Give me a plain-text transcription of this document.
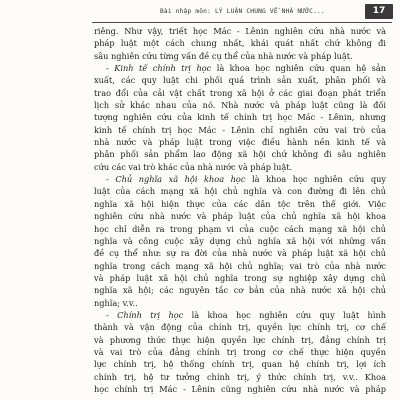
Bài nhập môn: LÝ LUẬN CHUNG VỀ NHÀ NƯỚC...	17
riêng. Như vậy, triết học Mác - Lênin nghiên cứu nhà nước và
pháp luật một cách chung nhất, khái quát nhất chứ không đi
sâu nghiên cứu từng vấn đề cụ thể của nhà nước và pháp luật.
- Kinh tế chính trị học là khoa học nghiên cứu quan hệ sản
xuất, các quy luật chi phối quá trình sản xuất, phân phối và
trao đổi của cải vật chất trong xã hội ở các giai đoạn phát triển
lịch sử khác nhau của nó. Nhà nước và pháp luật cũng là đối
tượng nghiên cứu của kinh tế chính trị học Mác - Lênin, nhưng
kinh tế chính trị học Mác - Lênin chỉ nghiên cứu vai trò của
nhà nước và pháp luật trong việc điều hành nền kinh tế và
phân phối sản phẩm lao động xã hội chứ không đi sâu nghiên
cứu các vai trò khác của nhà nước và pháp luật.
- Chủ nghĩa xã hội khoa học là khoa học nghiên cứu quy
luật của cách mạng xã hội chủ nghĩa và con đường đi lên chủ
nghĩa xã hội hiện thực của các dân tộc trên thế giới. Việc
nghiên cứu nhà nước và pháp luật của chủ nghĩa xã hội khoa
học chỉ diễn ra trong phạm vi của cuộc cách mạng xã hội chủ
nghĩa và công cuộc xây dựng chủ nghĩa xã hội với những vấn
đề cụ thể như: sự ra đời của nhà nước và pháp luật xã hội chủ
nghĩa trong cách mạng xã hội chủ nghĩa; vai trò của nhà nước
và pháp luật xã hội chủ nghĩa trong sự nghiệp xây dựng chủ
nghĩa xã hội; các nguyên tắc cơ bản của nhà nước xã hội chủ
nghĩa; v.v..
- Chính trị học là khoa học nghiên cứu quy luật hình
thành và vận động của chính trị, quyền lực chính trị, cơ chế
và phương thức thực hiện quyền lực chính trị, đảng chính trị
và vai trò của đảng chính trị trong cơ chế thực hiện quyền
lực chính trị, hệ thống chính trị, quan hệ chính trị, lợi ích
chính trị, hệ tư tưởng chính trị, ý thức chính trị, v.v.. Khoa
học chính trị Mác - Lênin cũng nghiên cứu nhà nước và pháp
